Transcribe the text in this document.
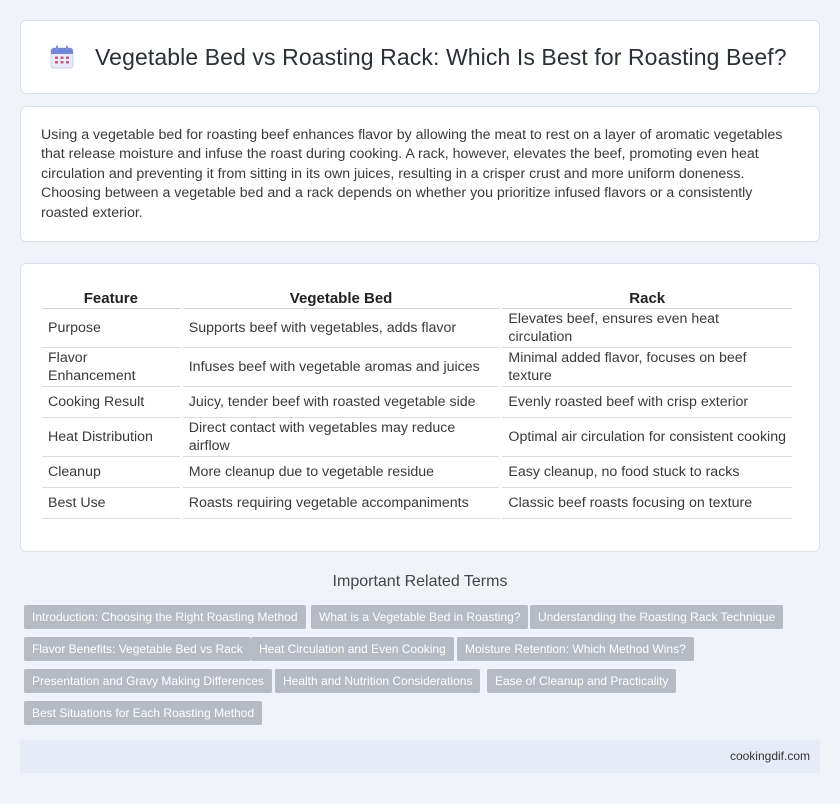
Vegetable Bed vs Roasting Rack: Which Is Best for Roasting Beef?

Using a vegetable bed for roasting beef enhances flavor by allowing the meat to rest on a layer of aromatic vegetables that release moisture and infuse the roast during cooking. A rack, however, elevates the beef, promoting even heat circulation and preventing it from sitting in its own juices, resulting in a crisper crust and more uniform doneness. Choosing between a vegetable bed and a rack depends on whether you prioritize infused flavors or a consistently roasted exterior.

Feature	Vegetable Bed	Rack
Purpose	Supports beef with vegetables, adds flavor	Elevates beef, ensures even heat circulation
Flavor Enhancement	Infuses beef with vegetable aromas and juices	Minimal added flavor, focuses on beef texture
Cooking Result	Juicy, tender beef with roasted vegetable side	Evenly roasted beef with crisp exterior
Heat Distribution	Direct contact with vegetables may reduce airflow	Optimal air circulation for consistent cooking
Cleanup	More cleanup due to vegetable residue	Easy cleanup, no food stuck to racks
Best Use	Roasts requiring vegetable accompaniments	Classic beef roasts focusing on texture
Important Related Terms
Introduction: Choosing the Right Roasting Method	What is a Vegetable Bed in Roasting?	Understanding the Roasting Rack Technique
Flavor Benefits: Vegetable Bed vs Rack	Heat Circulation and Even Cooking	Moisture Retention: Which Method Wins?
Presentation and Gravy Making Differences	Health and Nutrition Considerations	Ease of Cleanup and Practicality
Best Situations for Each Roasting Method
cookingdif.com
